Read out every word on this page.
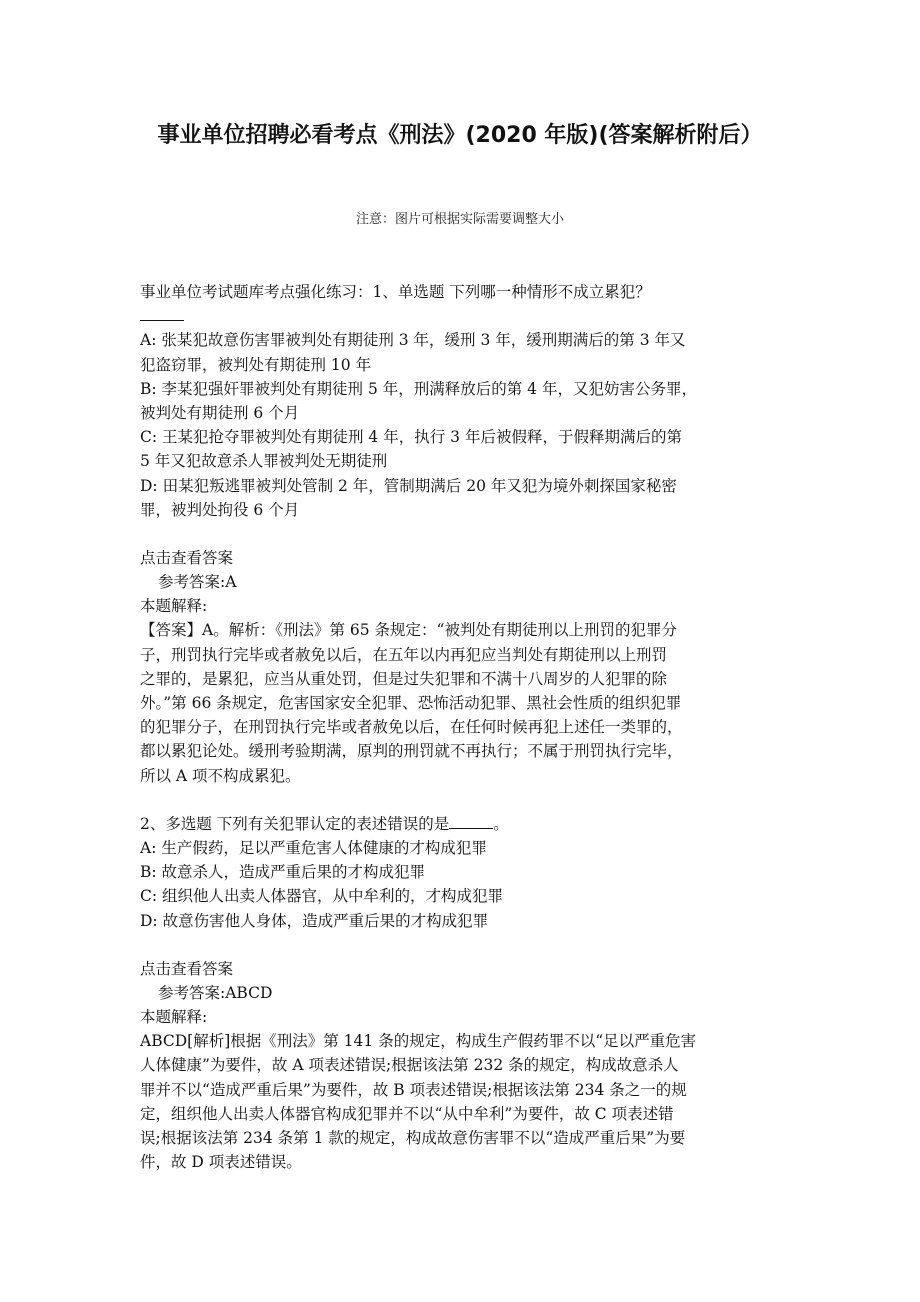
事业单位招聘必看考点《刑法》(2020 年版)(答案解析附后）
注意：图片可根据实际需要调整大小
事业单位考试题库考点强化练习：1、单选题 下列哪一种情形不成立累犯？
A: 张某犯故意伤害罪被判处有期徒刑 3 年，缓刑 3 年，缓刑期满后的第 3 年又
犯盗窃罪，被判处有期徒刑 10 年
B: 李某犯强奸罪被判处有期徒刑 5 年，刑满释放后的第 4 年，又犯妨害公务罪，
被判处有期徒刑 6 个月
C: 王某犯抢夺罪被判处有期徒刑 4 年，执行 3 年后被假释，于假释期满后的第
5 年又犯故意杀人罪被判处无期徒刑
D: 田某犯叛逃罪被判处管制 2 年，管制期满后 20 年又犯为境外刺探国家秘密
罪，被判处拘役 6 个月
点击查看答案
参考答案:A
本题解释:
【答案】A。解析：《刑法》第 65 条规定：“被判处有期徒刑以上刑罚的犯罪分
子，刑罚执行完毕或者赦免以后，在五年以内再犯应当判处有期徒刑以上刑罚
之罪的，是累犯，应当从重处罚，但是过失犯罪和不满十八周岁的人犯罪的除
外。”第 66 条规定，危害国家安全犯罪、恐怖活动犯罪、黑社会性质的组织犯罪
的犯罪分子，在刑罚执行完毕或者赦免以后，在任何时候再犯上述任一类罪的，
都以累犯论处。缓刑考验期满，原判的刑罚就不再执行；不属于刑罚执行完毕，
所以 A 项不构成累犯。
2、多选题 下列有关犯罪认定的表述错误的是	。
A: 生产假药，足以严重危害人体健康的才构成犯罪
B: 故意杀人，造成严重后果的才构成犯罪
C: 组织他人出卖人体器官，从中牟利的，才构成犯罪
D: 故意伤害他人身体，造成严重后果的才构成犯罪
点击查看答案
参考答案:ABCD
本题解释:
ABCD[解析]根据《刑法》第 141 条的规定，构成生产假药罪不以“足以严重危害
人体健康”为要件，故 A 项表述错误;根据该法第 232 条的规定，构成故意杀人
罪并不以“造成严重后果”为要件，故 B 项表述错误;根据该法第 234 条之一的规
定，组织他人出卖人体器官构成犯罪并不以“从中牟利”为要件，故 C 项表述错
误;根据该法第 234 条第 1 款的规定，构成故意伤害罪不以“造成严重后果”为要
件，故 D 项表述错误。
